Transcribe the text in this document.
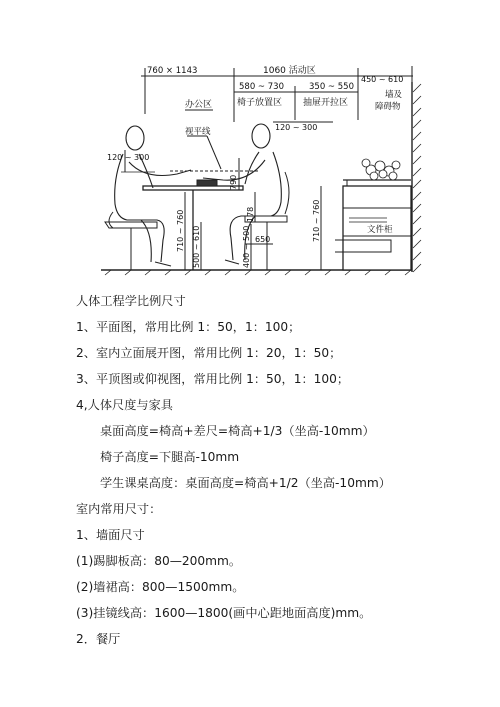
760 × 1143	1060 活动区
450 ~ 610
办公区
580 ~ 730
椅子放置区
350 ~ 550
抽屉开拉区
墙及
障碍物
视平线	120 ~ 300
120 ~ 300
790
178
710 ~ 760 500 ~ 610	650
400 ~ 500
710 ~ 760	文件柜
人体工程学比例尺寸
1、平面图，常用比例 1：50，1：100；
2、室内立面展开图，常用比例 1：20，1：50；
3、平顶图或仰视图，常用比例 1：50，1：100；
4,人体尺度与家具
桌面高度=椅高+差尺=椅高+1/3（坐高-10mm）
椅子高度=下腿高-10mm
学生课桌高度：桌面高度=椅高+1/2（坐高-10mm）
室内常用尺寸：
1、墙面尺寸
(1)踢脚板高：80—200mm。
(2)墙裙高：800—1500mm。
(3)挂镜线高：1600—1800(画中心距地面高度)mm。
2．餐厅
